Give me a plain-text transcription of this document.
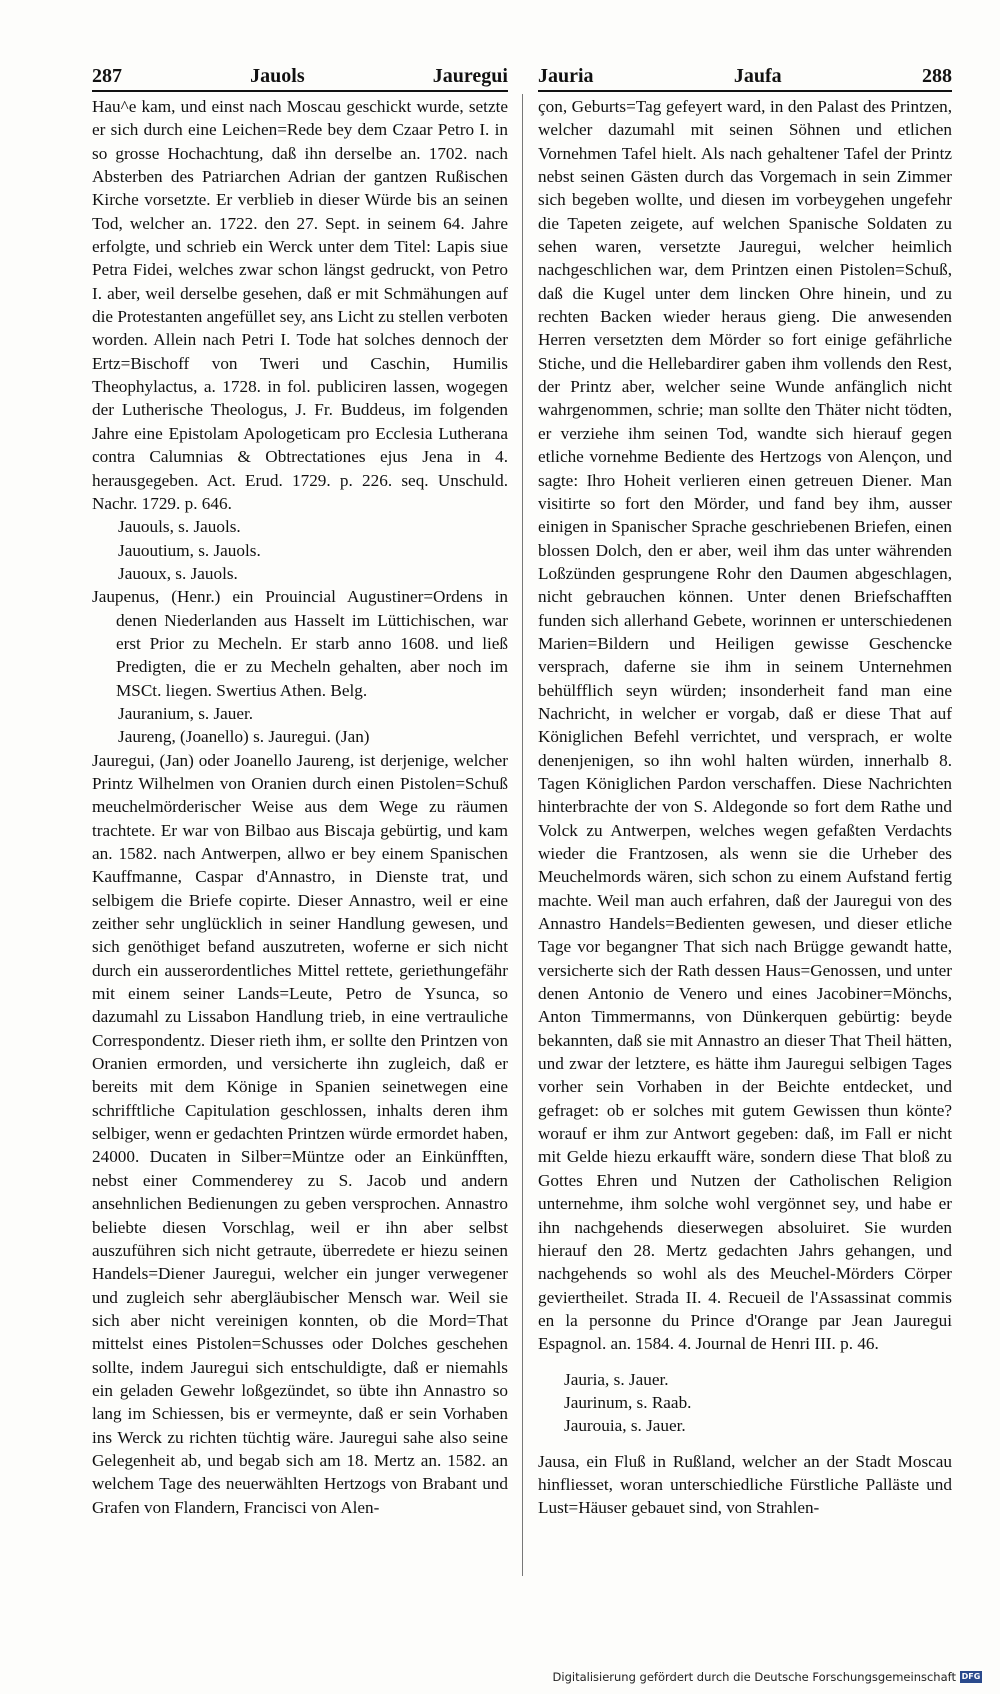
287	Jauols	Jauregui Jauria	Jaufa	288

Hau^e kam, und einst nach Moscau geschickt wurde, setzte er sich durch eine Leichen=Rede bey dem Czaar Petro I. in so grosse Hochachtung, daß ihn derselbe an. 1702. nach Absterben des Patriarchen Adrian der gantzen Rußischen Kirche vorsetzte. Er verblieb in dieser Würde bis an seinen Tod, welcher an. 1722. den 27. Sept. in seinem 64. Jahre erfolgte, und schrieb ein Werck unter dem Titel: Lapis siue Petra Fidei, welches zwar schon längst gedruckt, von Petro I. aber, weil derselbe gesehen, daß er mit Schmähungen auf die Protestanten angefüllet sey, ans Licht zu stellen verboten worden. Allein nach Petri I. Tode hat solches dennoch der Ertz=Bischoff von Tweri und Caschin, Humilis Theophylactus, a. 1728. in fol. publiciren lassen, wogegen der Lutherische Theologus, J. Fr. Buddeus, im folgenden Jahre eine Epistolam Apologeticam pro Ecclesia Lutherana contra Calumnias & Obtrectationes ejus Jena in 4. herausgegeben. Act. Erud. 1729. p. 226. seq. Unschuld. Nachr. 1729. p. 646.

Jauouls, s. Jauols.

Jauoutium, s. Jauols.

Jauoux, s. Jauols.

Jaupenus, (Henr.) ein Prouincial Augustiner=Ordens in denen Niederlanden aus Hasselt im Lüttichischen, war erst Prior zu Mecheln. Er starb anno 1608. und ließ Predigten, die er zu Mecheln gehalten, aber noch im MSCt. liegen. Swertius Athen. Belg.

Jauranium, s. Jauer.

Jaureng, (Joanello) s. Jauregui. (Jan)

Jauregui, (Jan) oder Joanello Jaureng, ist derjenige, welcher Printz Wilhelmen von Oranien durch einen Pistolen=Schuß meuchelmörderischer Weise aus dem Wege zu räumen trachtete. Er war von Bilbao aus Biscaja gebürtig, und kam an. 1582. nach Antwerpen, allwo er bey einem Spanischen Kauffmanne, Caspar d'Annastro, in Dienste trat, und selbigem die Briefe copirte. Dieser Annastro, weil er eine zeither sehr unglücklich in seiner Handlung gewesen, und sich genöthiget befand auszutreten, woferne er sich nicht durch ein ausserordentliches Mittel rettete, geriethungefähr mit einem seiner Lands=Leute, Petro de Ysunca, so dazumahl zu Lissabon Handlung trieb, in eine vertrauliche Correspondentz. Dieser rieth ihm, er sollte den Printzen von Oranien ermorden, und versicherte ihn zugleich, daß er bereits mit dem Könige in Spanien seinetwegen eine schrifftliche Capitulation geschlossen, inhalts deren ihm selbiger, wenn er gedachten Printzen würde ermordet haben, 24000. Ducaten in Silber=Müntze oder an Einkünfften, nebst einer Commenderey zu S. Jacob und andern ansehnlichen Bedienungen zu geben versprochen. Annastro beliebte diesen Vorschlag, weil er ihn aber selbst auszuführen sich nicht getraute, überredete er hiezu seinen Handels=Diener Jauregui, welcher ein junger verwegener und zugleich sehr abergläubischer Mensch war. Weil sie sich aber nicht vereinigen konnten, ob die Mord=That mittelst eines Pistolen=Schusses oder Dolches geschehen sollte, indem Jauregui sich entschuldigte, daß er niemahls ein geladen Gewehr loßgezündet, so übte ihn Annastro so lang im Schiessen, bis er vermeynte, daß er sein Vorhaben ins Werck zu richten tüchtig wäre. Jauregui sahe also seine Gelegenheit ab, und begab sich am 18. Mertz an. 1582. an welchem Tage des neuerwählten Hertzogs von Brabant und Grafen von Flandern, Francisci von Alen-

çon, Geburts=Tag gefeyert ward, in den Palast des Printzen, welcher dazumahl mit seinen Söhnen und etlichen Vornehmen Tafel hielt. Als nach gehaltener Tafel der Printz nebst seinen Gästen durch das Vorgemach in sein Zimmer sich begeben wollte, und diesen im vorbeygehen ungefehr die Tapeten zeigete, auf welchen Spanische Soldaten zu sehen waren, versetzte Jauregui, welcher heimlich nachgeschlichen war, dem Printzen einen Pistolen=Schuß, daß die Kugel unter dem lincken Ohre hinein, und zu rechten Backen wieder heraus gieng. Die anwesenden Herren versetzten dem Mörder so fort einige gefährliche Stiche, und die Hellebardirer gaben ihm vollends den Rest, der Printz aber, welcher seine Wunde anfänglich nicht wahrgenommen, schrie; man sollte den Thäter nicht tödten, er verziehe ihm seinen Tod, wandte sich hierauf gegen etliche vornehme Bediente des Hertzogs von Alençon, und sagte: Ihro Hoheit verlieren einen getreuen Diener. Man visitirte so fort den Mörder, und fand bey ihm, ausser einigen in Spanischer Sprache geschriebenen Briefen, einen blossen Dolch, den er aber, weil ihm das unter währenden Loßzünden gesprungene Rohr den Daumen abgeschlagen, nicht gebrauchen können. Unter denen Briefschafften funden sich allerhand Gebete, worinnen er unterschiedenen Marien=Bildern und Heiligen gewisse Geschencke versprach, daferne sie ihm in seinem Unternehmen behülfflich seyn würden; insonderheit fand man eine Nachricht, in welcher er vorgab, daß er diese That auf Königlichen Befehl verrichtet, und versprach, er wolte denenjenigen, so ihn wohl halten würden, innerhalb 8. Tagen Königlichen Pardon verschaffen. Diese Nachrichten hinterbrachte der von S. Aldegonde so fort dem Rathe und Volck zu Antwerpen, welches wegen gefaßten Verdachts wieder die Frantzosen, als wenn sie die Urheber des Meuchelmords wären, sich schon zu einem Aufstand fertig machte. Weil man auch erfahren, daß der Jauregui von des Annastro Handels=Bedienten gewesen, und dieser etliche Tage vor begangner That sich nach Brügge gewandt hatte, versicherte sich der Rath dessen Haus=Genossen, und unter denen Antonio de Venero und eines Jacobiner=Mönchs, Anton Timmermanns, von Dünkerquen gebürtig: beyde bekannten, daß sie mit Annastro an dieser That Theil hätten, und zwar der letztere, es hätte ihm Jauregui selbigen Tages vorher sein Vorhaben in der Beichte entdecket, und gefraget: ob er solches mit gutem Gewissen thun könte? worauf er ihm zur Antwort gegeben: daß, im Fall er nicht mit Gelde hiezu erkaufft wäre, sondern diese That bloß zu Gottes Ehren und Nutzen der Catholischen Religion unternehme, ihm solche wohl vergönnet sey, und habe er ihn nachgehends dieserwegen absoluiret. Sie wurden hierauf den 28. Mertz gedachten Jahrs gehangen, und nachgehends so wohl als des Meuchel-Mörders Cörper geviertheilet. Strada II. 4. Recueil de l'Assassinat commis en la personne du Prince d'Orange par Jean Jauregui Espagnol. an. 1584. 4. Journal de Henri III. p. 46.

Jauria, s. Jauer.

Jaurinum, s. Raab.

Jaurouia, s. Jauer.

Jausa, ein Fluß in Rußland, welcher an der Stadt Moscau hinfliesset, woran unterschiedliche Fürstliche Palläste und Lust=Häuser gebauet sind, von Strahlen-

Digitalisierung gefördert durch die Deutsche Forschungsgemeinschaft DFG
